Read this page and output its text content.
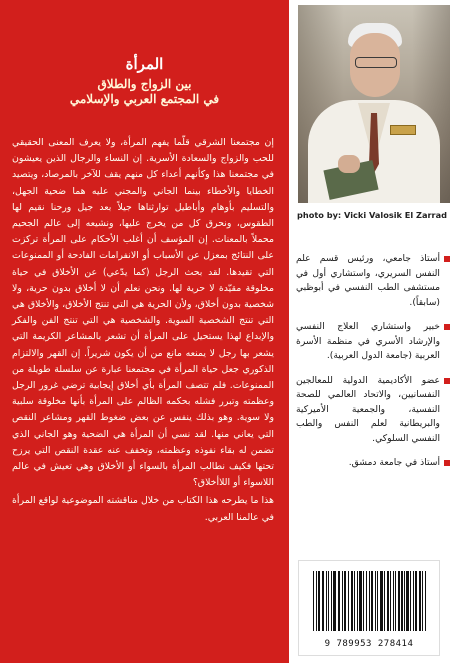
المرأة
بين الزواج والطلاق
في المجتمع العربي والإسلامي

إن مجتمعنا الشرقي قلّما يفهم المرأة، ولا يعرف المعنى الحقيقي للحب والزواج والسعادة الأسرية. إن النساء والرجال الذين يعيشون في مجتمعنا هذا وكأنهم أعداء كل منهم يقف للآخر بالمرصاد، ويتصيد الخطايا والأخطاء بينما الجاني والمجني عليه هما ضحية الجهل، والتسليم بأوهام وأباطيل توارثناها جيلاً بعد جيل ورحنا نقيم لها الطقوس، ونحرق كل من يخرج عليها، ونشيعه إلى عالم الجحيم محملاً بالمعنات. إن المؤسف أن أغلب الأحكام على المرأة تركزت على النتائج بمعزل عن الأسباب أو الانفرامات الفادحة أو الممنوعات التي تقيدها. لقد بحث الرجل (كما يدّعي) عن الأخلاق في حياة مخلوقة مقيّدة لا حرية لها. ونحن نعلم أن لا أخلاق بدون حرية، ولا شخصية بدون أخلاق، ولأن الحرية هي التي تنتج الأخلاق، والأخلاق هي التي تنتج الشخصية السوية. والشخصية هي التي تنتج الفن والفكر والإبداع لهذا يستحيل على المرأة أن تشعر بالمشاعر الكريمة التي يشعر بها رجل لا يمنعه مانع من أن يكون شريراً. إن القهر والالتزام الذكوري جعل حياة المرأة في مجتمعنا عبارة عن سلسلة طويلة من الممنوعات. فلم تتصف المرأة بأي أخلاق إيجابية ترضي غرور الرجل وعظمته وتبرر فشله بحكمه الظالم على المرأة بأنها مخلوقة سلبية ولا سوية. وهو بذلك ينفس عن بعض ضغوط القهر ومشاعر النقص التي يعاني منها. لقد نسي أن المرأة هي الضحية وهو الجاني الذي تضمن له بقاء نفوذه وعظمته، وتخفف عنه عقدة النقص التي يرزح تحتها فكيف نطالب المرأة بالسواء أو الأخلاق وهي تعيش في عالم اللاسواء أو اللاأخلاق؟

هذا ما يطرحه هذا الكتاب من خلال مناقشته الموضوعية لواقع المرأة في عالمنا العربي.

photo by: Vicki Valosik El Zarrad
أستاذ جامعي، ورئيس قسم علم النفس السريري، واستشاري أول في مستشفى الطب النفسي في أبوظبي (سابقاً).
خبير واستشاري العلاج النفسي والإرشاد الأسري في منظمة الأسرة العربية (جامعة الدول العربية).
عضو الأكاديمية الدولية للمعالجين النفسانيين، والاتحاد العالمي للصحة النفسية، والجمعية الأميركية والبريطانية لعلم النفس والطب النفسي السلوكي.
أستاذ في جامعة دمشق.
9 789953 278414
